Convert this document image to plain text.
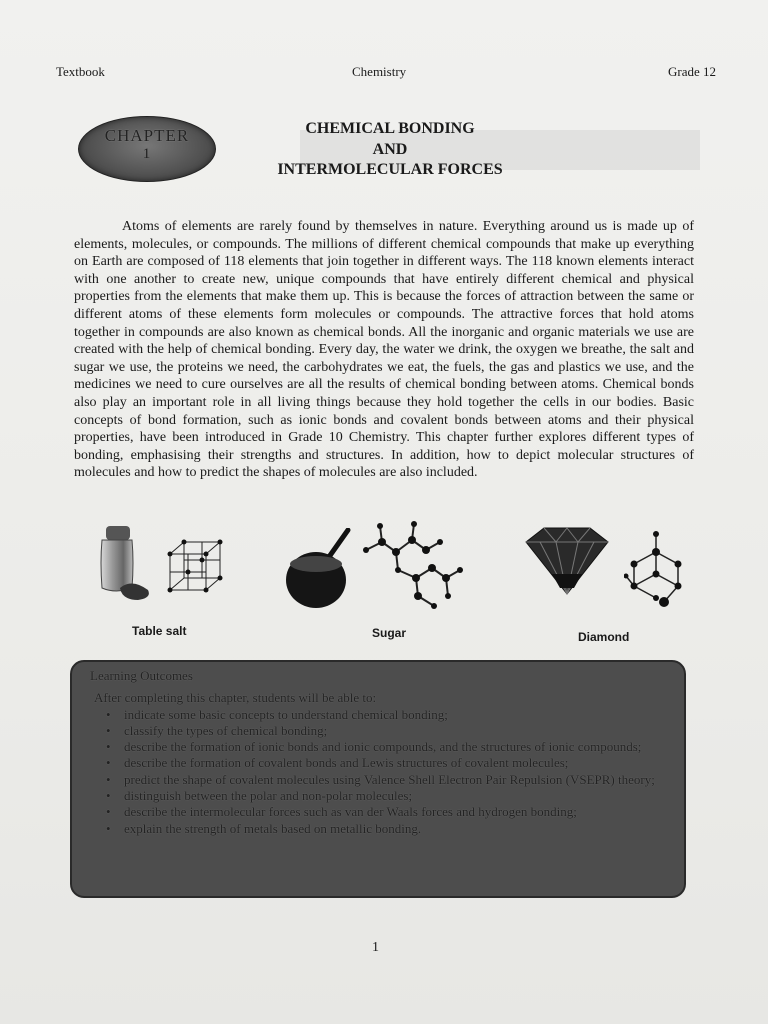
Textbook	Chemistry	Grade 12
CHAPTER
1
CHEMICAL BONDING
AND
INTERMOLECULAR FORCES

Atoms of elements are rarely found by themselves in nature. Everything around us is made up of elements, molecules, or compounds. The millions of different chemical compounds that make up everything on Earth are composed of 118 elements that join together in different ways. The 118 known elements interact with one another to create new, unique compounds that have entirely different chemical and physical properties from the elements that make them up. This is because the forces of attraction between the same or different atoms of these elements form molecules or compounds. The attractive forces that hold atoms together in compounds are also known as chemical bonds. All the inorganic and organic materials we use are created with the help of chemical bonding. Every day, the water we drink, the oxygen we breathe, the salt and sugar we use, the proteins we need, the carbohydrates we eat, the fuels, the gas and plastics we use, and the medicines we need to cure ourselves are all the results of chemical bonding between atoms. Chemical bonds also play an important role in all living things because they hold together the cells in our bodies. Basic concepts of bond formation, such as ionic bonds and covalent bonds between atoms and their physical properties, have been introduced in Grade 10 Chemistry. This chapter further explores different types of bonding, emphasising their strengths and structures. In addition, how to depict molecular structures of molecules and how to predict the shapes of molecules are also included.

Table salt	Sugar	Diamond
Learning Outcomes
After completing this chapter, students will be able to:
• indicate some basic concepts to understand chemical bonding;
• classify the types of chemical bonding;
• describe the formation of ionic bonds and ionic compounds, and the structures of ionic compounds;
• describe the formation of covalent bonds and Lewis structures of covalent molecules;
• predict the shape of covalent molecules using Valence Shell Electron Pair Repulsion (VSEPR) theory;
• distinguish between the polar and non-polar molecules;
• describe the intermolecular forces such as van der Waals forces and hydrogen bonding;
• explain the strength of metals based on metallic bonding.
1
